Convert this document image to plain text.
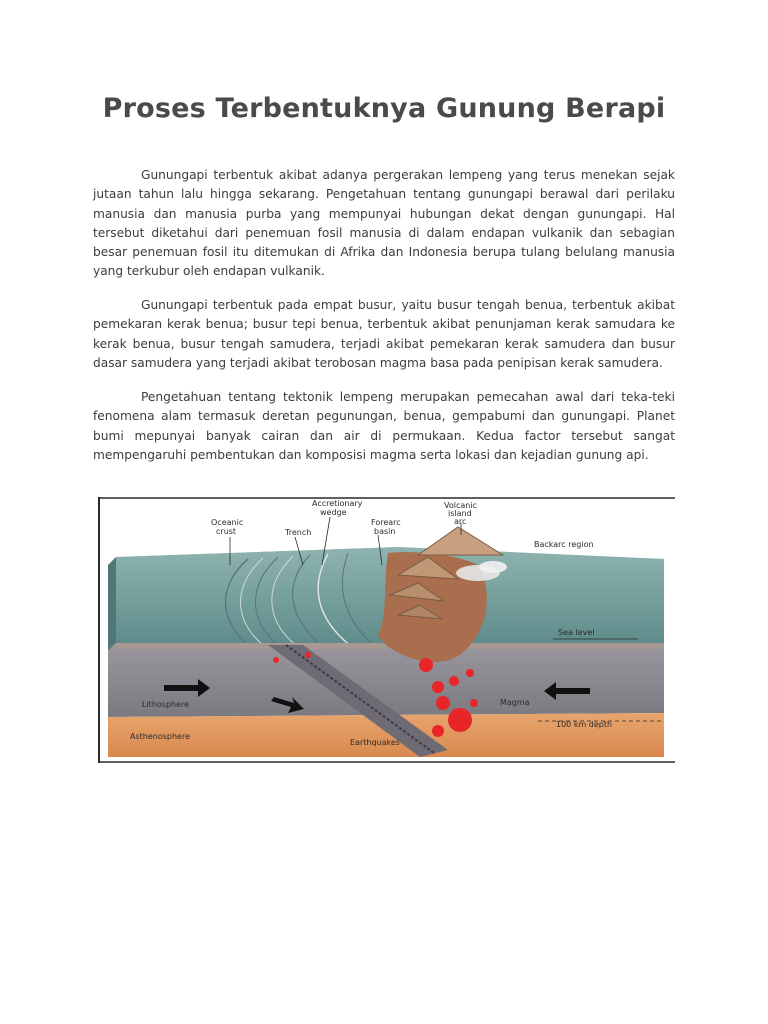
Proses Terbentuknya Gunung Berapi

Gunungapi terbentuk akibat adanya pergerakan lempeng yang terus menekan sejak jutaan tahun lalu hingga sekarang. Pengetahuan tentang gunungapi berawal dari perilaku manusia dan manusia purba yang mempunyai hubungan dekat dengan gunungapi. Hal tersebut diketahui dari penemuan fosil manusia di dalam endapan vulkanik dan sebagian besar penemuan fosil itu ditemukan di Afrika dan Indonesia berupa tulang belulang manusia yang terkubur oleh endapan vulkanik.

Gunungapi terbentuk pada empat busur, yaitu busur tengah benua, terbentuk akibat pemekaran kerak benua; busur tepi benua, terbentuk akibat penunjaman kerak samudara ke kerak benua, busur tengah samudera, terjadi akibat pemekaran kerak samudera dan busur dasar samudera yang terjadi akibat terobosan magma basa pada penipisan kerak samudera.

Pengetahuan tentang tektonik lempeng merupakan pemecahan awal dari teka-teki fenomena alam termasuk deretan pegunungan, benua, gempabumi dan gunungapi. Planet bumi mepunyai banyak cairan dan air di permukaan. Kedua factor tersebut sangat mempengaruhi pembentukan dan komposisi magma serta lokasi dan kejadian gunung api.

Oceanic
crust	Trench
Accretionary
wedge
Forearc
basin
Volcanic
island
arc
Backarc region
Sea level
Lithosphere	Magma
100 km depth
Asthenosphere
Earthquakes
